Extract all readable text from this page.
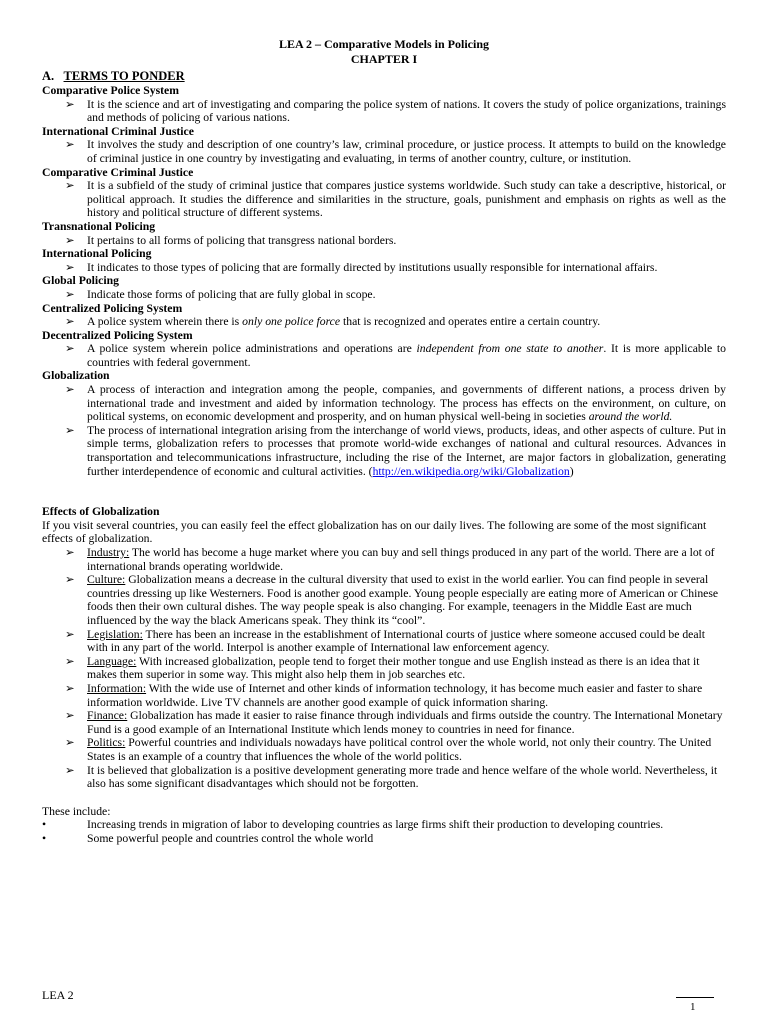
LEA 2 – Comparative Models in Policing
CHAPTER I
A. TERMS TO PONDER
Comparative Police System
➢ It is the science and art of investigating and comparing the police system of nations. It covers the study of police organizations, trainings and methods of policing of various nations.
International Criminal Justice
➢ It involves the study and description of one country’s law, criminal procedure, or justice process. It attempts to build on the knowledge of criminal justice in one country by investigating and evaluating, in terms of another country, culture, or institution.
Comparative Criminal Justice
➢ It is a subfield of the study of criminal justice that compares justice systems worldwide. Such study can take a descriptive, historical, or political approach. It studies the difference and similarities in the structure, goals, punishment and emphasis on rights as well as the history and political structure of different systems.
Transnational Policing
➢ It pertains to all forms of policing that transgress national borders.
International Policing
➢ It indicates to those types of policing that are formally directed by institutions usually responsible for international affairs.
Global Policing
➢ Indicate those forms of policing that are fully global in scope.
Centralized Policing System
➢ A police system wherein there is only one police force that is recognized and operates entire a certain country.
Decentralized Policing System
➢ A police system wherein police administrations and operations are independent from one state to another. It is more applicable to countries with federal government.
Globalization
➢ A process of interaction and integration among the people, companies, and governments of different nations, a process driven by international trade and investment and aided by information technology. The process has effects on the environment, on culture, on political systems, on economic development and prosperity, and on human physical well-being in societies around the world.
➢ The process of international integration arising from the interchange of world views, products, ideas, and other aspects of culture. Put in simple terms, globalization refers to processes that promote world-wide exchanges of national and cultural resources. Advances in transportation and telecommunications infrastructure, including the rise of the Internet, are major factors in globalization, generating further interdependence of economic and cultural activities. (http://en.wikipedia.org/wiki/Globalization)
Effects of Globalization
If you visit several countries, you can easily feel the effect globalization has on our daily lives. The following are some of the most significant effects of globalization.
➢ Industry: The world has become a huge market where you can buy and sell things produced in any part of the world. There are a lot of international brands operating worldwide.
➢ Culture: Globalization means a decrease in the cultural diversity that used to exist in the world earlier. You can find people in several countries dressing up like Westerners. Food is another good example. Young people especially are eating more of American or Chinese foods then their own cultural dishes. The way people speak is also changing. For example, teenagers in the Middle East are much influenced by the way the black Americans speak. They think its “cool”.
➢ Legislation: There has been an increase in the establishment of International courts of justice where someone accused could be dealt with in any part of the world. Interpol is another example of International law enforcement agency.
➢ Language: With increased globalization, people tend to forget their mother tongue and use English instead as there is an idea that it makes them superior in some way. This might also help them in job searches etc.
➢ Information: With the wide use of Internet and other kinds of information technology, it has become much easier and faster to share information worldwide. Live TV channels are another good example of quick information sharing.
➢ Finance: Globalization has made it easier to raise finance through individuals and firms outside the country. The International Monetary Fund is a good example of an International Institute which lends money to countries in need for finance.
➢ Politics: Powerful countries and individuals nowadays have political control over the whole world, not only their country. The United States is an example of a country that influences the whole of the world politics.
➢ It is believed that globalization is a positive development generating more trade and hence welfare of the whole world. Nevertheless, it also has some significant disadvantages which should not be forgotten.
These include:
•	Increasing trends in migration of labor to developing countries as large firms shift their production to developing countries.
•	Some powerful people and countries control the whole world
LEA 2
1
